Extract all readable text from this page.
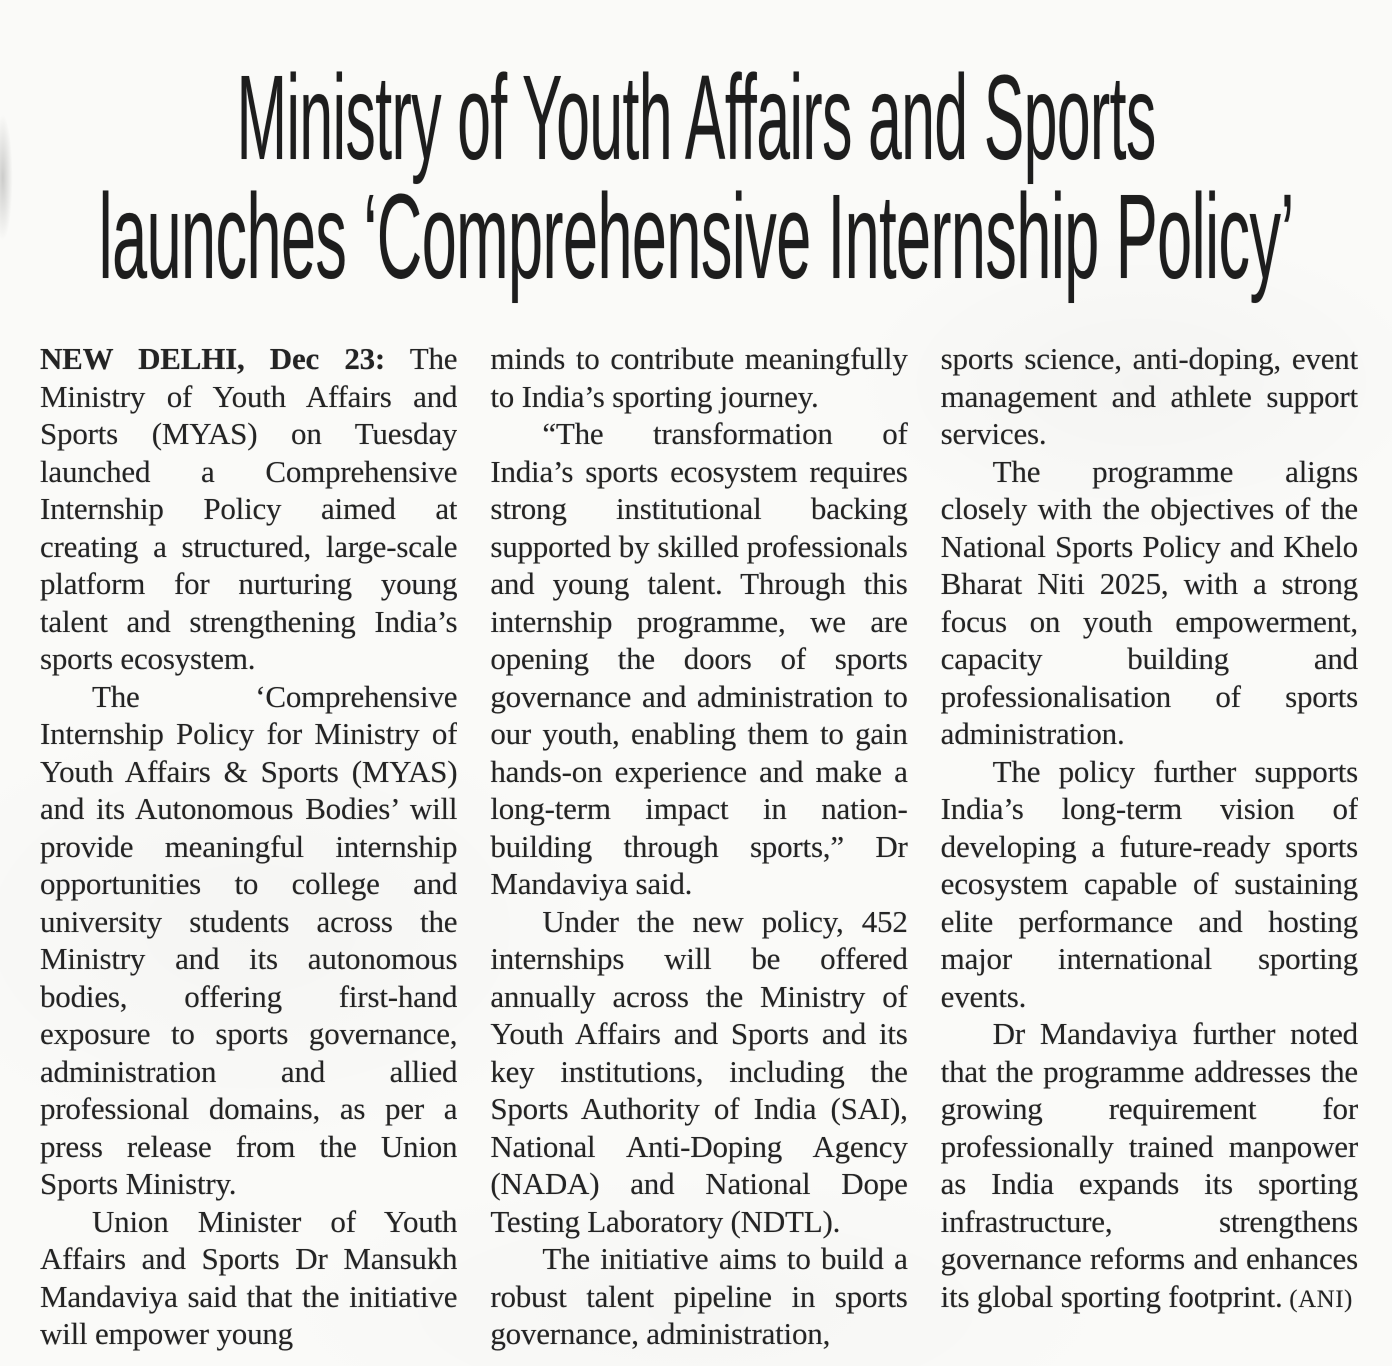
Ministry of Youth Affairs and Sports
launches ‘Comprehensive Internship Policy’

NEW DELHI, Dec 23: The Ministry of Youth Affairs and Sports (MYAS) on Tuesday launched a Comprehensive Internship Policy aimed at creating a structured, large-scale platform for nurturing young talent and strengthening India’s sports ecosystem.

The ‘Comprehensive Internship Policy for Ministry of Youth Affairs & Sports (MYAS) and its Autonomous Bodies’ will provide meaningful internship opportunities to college and university students across the Ministry and its autonomous bodies, offering first-hand exposure to sports governance, administration and allied professional domains, as per a press release from the Union Sports Ministry.

Union Minister of Youth Affairs and Sports Dr Mansukh Mandaviya said that the initiative will empower young

minds to contribute meaningfully to India’s sporting journey.

“The transformation of India’s sports ecosystem requires strong institutional backing supported by skilled professionals and young talent. Through this internship programme, we are opening the doors of sports governance and administration to our youth, enabling them to gain hands-on experience and make a long-term impact in nation-building through sports,” Dr Mandaviya said.

Under the new policy, 452 internships will be offered annually across the Ministry of Youth Affairs and Sports and its key institutions, including the Sports Authority of India (SAI), National Anti-Doping Agency (NADA) and National Dope Testing Laboratory (NDTL).

The initiative aims to build a robust talent pipeline in sports governance, administration,

sports science, anti-doping, event management and athlete support services.

The programme aligns closely with the objectives of the National Sports Policy and Khelo Bharat Niti 2025, with a strong focus on youth empowerment, capacity building and professionalisation of sports administration.

The policy further supports India’s long-term vision of developing a future-ready sports ecosystem capable of sustaining elite performance and hosting major international sporting events.

Dr Mandaviya further noted that the programme addresses the growing requirement for professionally trained manpower as India expands its sporting infrastructure, strengthens governance reforms and enhances its global sporting footprint. (ANI)
